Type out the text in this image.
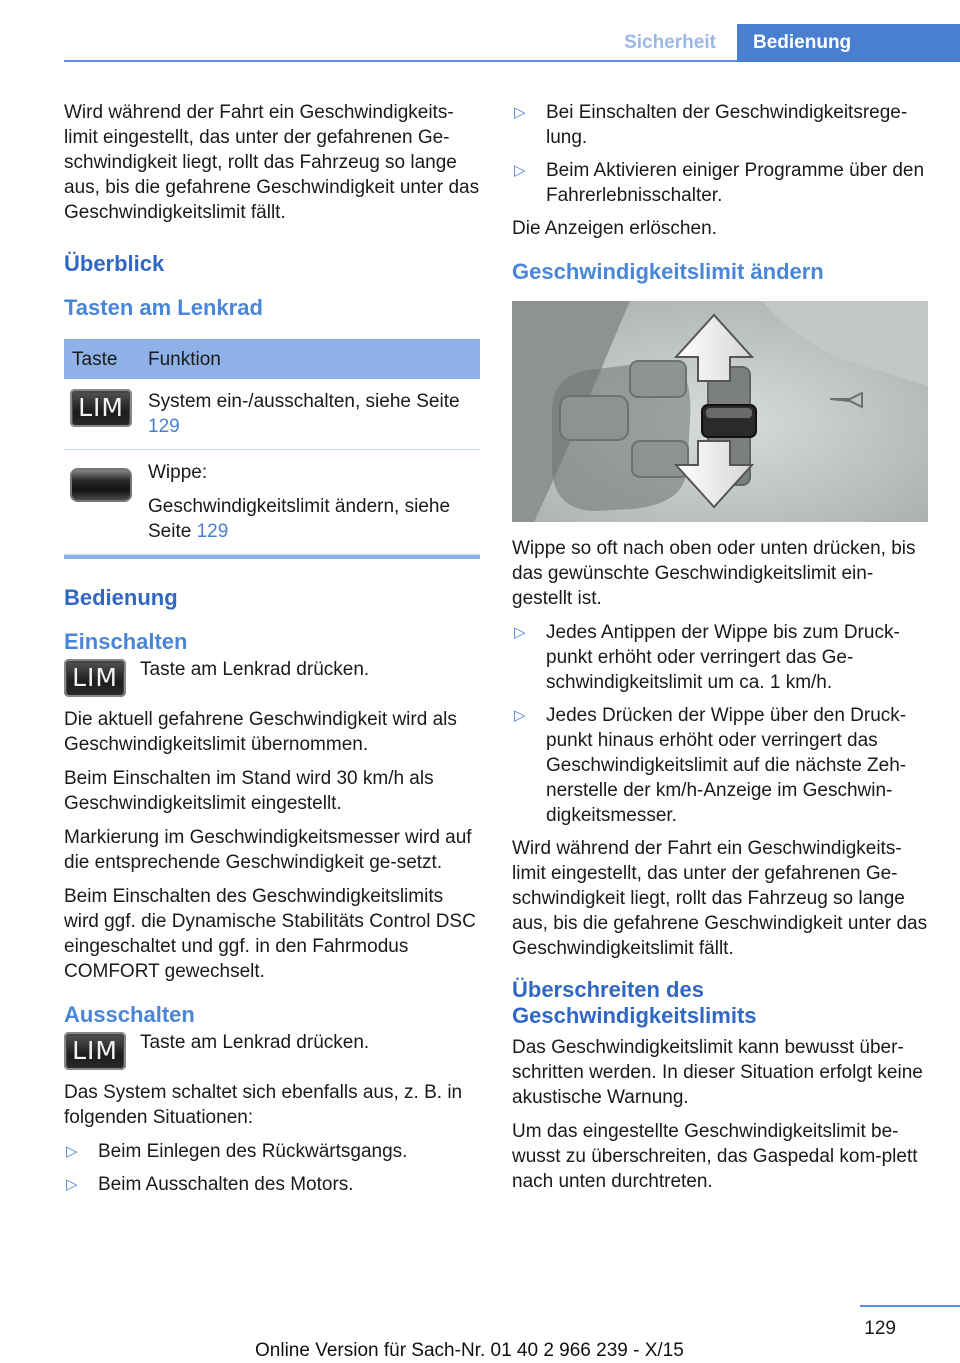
Sicherheit	Bedienung

Wird während der Fahrt ein Geschwindigkeits-limit eingestellt, das unter der gefahrenen Ge-schwindigkeit liegt, rollt das Fahrzeug so lange aus, bis die gefahrene Geschwindigkeit unter das Geschwindigkeitslimit fällt.

Überblick
Tasten am Lenkrad
Taste	Funktion
LIM	System ein-/ausschalten, siehe Seite 129

	Wippe:

Geschwindigkeitslimit ändern, siehe Seite 129
Bedienung
Einschalten
LIM	Taste am Lenkrad drücken.

Die aktuell gefahrene Geschwindigkeit wird als Geschwindigkeitslimit übernommen.

Beim Einschalten im Stand wird 30 km/h als Geschwindigkeitslimit eingestellt.

Markierung im Geschwindigkeitsmesser wird auf die entsprechende Geschwindigkeit ge-setzt.

Beim Einschalten des Geschwindigkeitslimits wird ggf. die Dynamische Stabilitäts Control DSC eingeschaltet und ggf. in den Fahrmodus COMFORT gewechselt.

Ausschalten
LIM	Taste am Lenkrad drücken.

Das System schaltet sich ebenfalls aus, z. B. in folgenden Situationen:

▷ Beim Einlegen des Rückwärtsgangs.
▷ Beim Ausschalten des Motors.
▷ Bei Einschalten der Geschwindigkeitsrege-lung.
▷ Beim Aktivieren einiger Programme über den Fahrerlebnisschalter.

Die Anzeigen erlöschen.

Geschwindigkeitslimit ändern

Wippe so oft nach oben oder unten drücken, bis das gewünschte Geschwindigkeitslimit ein-gestellt ist.

▷ Jedes Antippen der Wippe bis zum Druck-punkt erhöht oder verringert das Ge-schwindigkeitslimit um ca. 1 km/h.
▷ Jedes Drücken der Wippe über den Druck-punkt hinaus erhöht oder verringert das Geschwindigkeitslimit auf die nächste Zeh-nerstelle der km/h-Anzeige im Geschwin-digkeitsmesser.

Wird während der Fahrt ein Geschwindigkeits-limit eingestellt, das unter der gefahrenen Ge-schwindigkeit liegt, rollt das Fahrzeug so lange aus, bis die gefahrene Geschwindigkeit unter das Geschwindigkeitslimit fällt.

Überschreiten des Geschwindigkeitslimits

Das Geschwindigkeitslimit kann bewusst über-schritten werden. In dieser Situation erfolgt keine akustische Warnung.

Um das eingestellte Geschwindigkeitslimit be-wusst zu überschreiten, das Gaspedal kom-plett nach unten durchtreten.

129
Online Version für Sach-Nr. 01 40 2 966 239 - X/15
